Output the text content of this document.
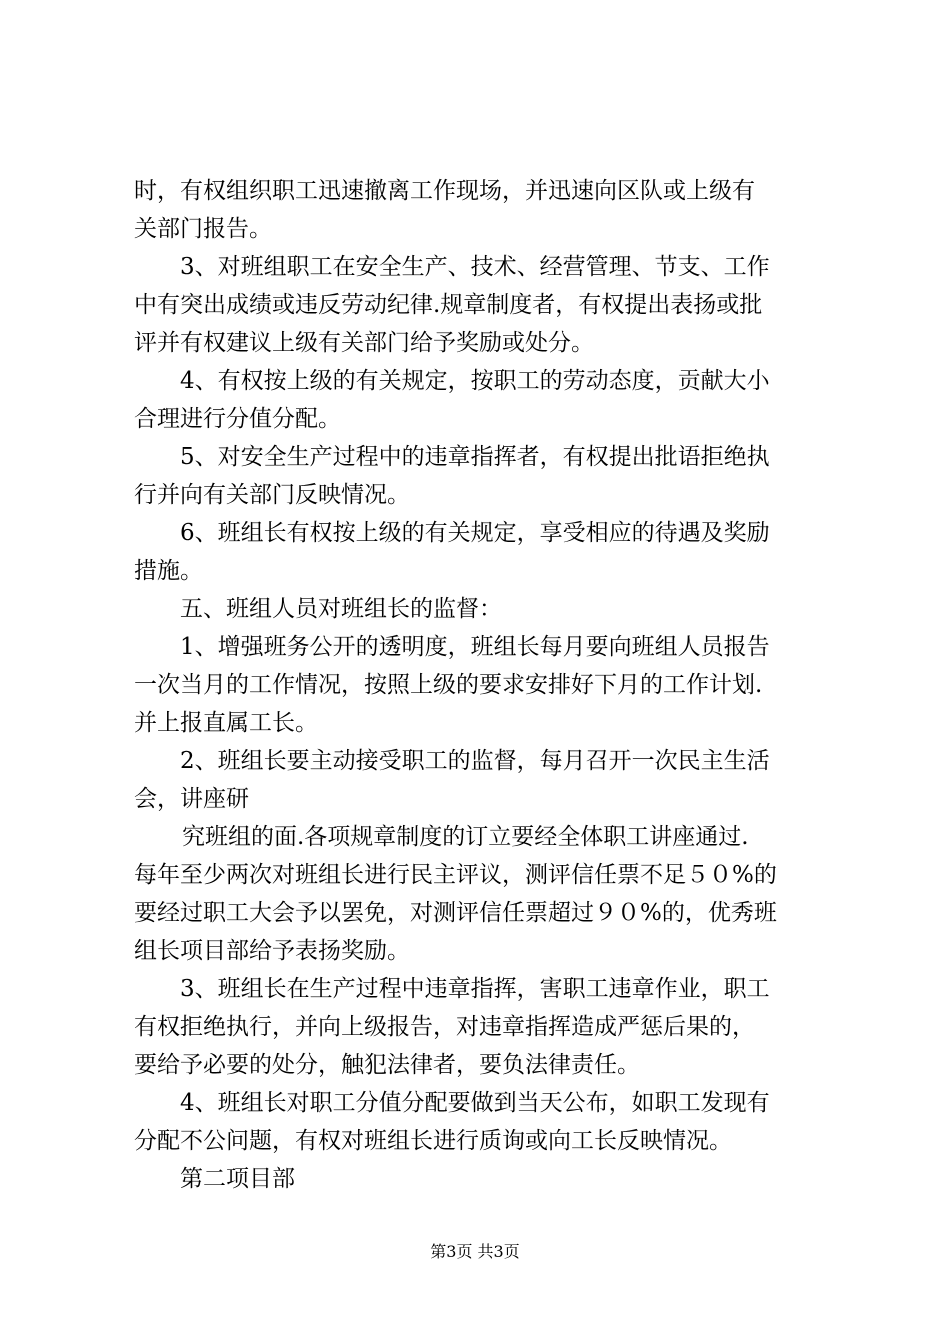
时，有权组织职工迅速撤离工作现场，并迅速向区队或上级有
关部门报告。
3、对班组职工在安全生产、技术、经营管理、节支、工作
中有突出成绩或违反劳动纪律.规章制度者，有权提出表扬或批
评并有权建议上级有关部门给予奖励或处分。
4、有权按上级的有关规定，按职工的劳动态度，贡献大小
合理进行分值分配。
5、对安全生产过程中的违章指挥者，有权提出批语拒绝执
行并向有关部门反映情况。
6、班组长有权按上级的有关规定，享受相应的待遇及奖励
措施。
五、班组人员对班组长的监督：
1、增强班务公开的透明度，班组长每月要向班组人员报告
一次当月的工作情况，按照上级的要求安排好下月的工作计划.
并上报直属工长。
2、班组长要主动接受职工的监督，每月召开一次民主生活
会，讲座研
究班组的面.各项规章制度的订立要经全体职工讲座通过.
每年至少两次对班组长进行民主评议，测评信任票不足５０%的
要经过职工大会予以罢免，对测评信任票超过９０%的，优秀班
组长项目部给予表扬奖励。
3、班组长在生产过程中违章指挥，害职工违章作业，职工
有权拒绝执行，并向上级报告，对违章指挥造成严惩后果的，
要给予必要的处分，触犯法律者，要负法律责任。
4、班组长对职工分值分配要做到当天公布，如职工发现有
分配不公问题，有权对班组长进行质询或向工长反映情况。
第二项目部
第3页 共3页
